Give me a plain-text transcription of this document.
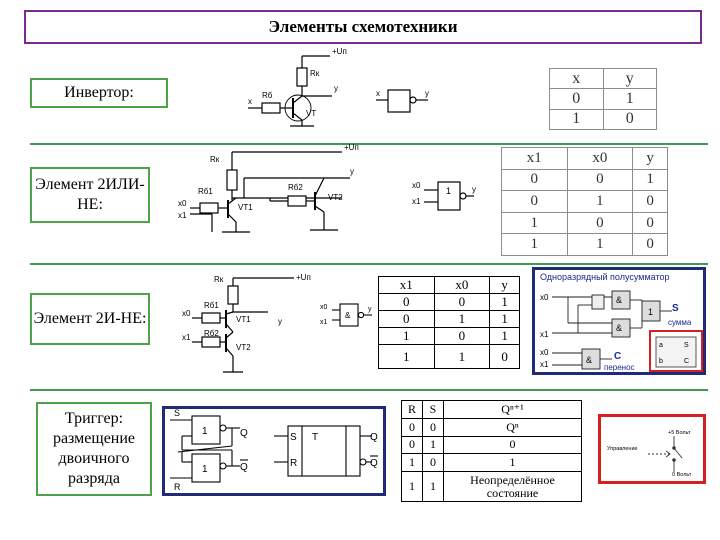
Элементы схемотехники
Инвертор:
Элемент 2ИЛИ-НЕ:
Элемент 2И-НЕ:
Триггер: размещение двоичного разряда
+Uп
Rк
Rб
x
y
VT
x	y
x	y
0	1
1	0
+Uп
Rк
Rб1	Rб2
x0
x1
y
VT1
VT2
x0
x1
1	y
x1	x0	y
0	0	1
0	1	0
1	0	0
1	1	0
+Uп
Rк
Rб1
Rб2
x0
x1
y
VT1
VT2
x0
x1
&
y
x1	x0	y
0	0	1
0	1	1
1	0	1
1	1	0
Одноразрядный полусумматор
x0
x1
&
&
1 S
сумма
x0
x1	& C
перенос
a
b
S
C
S
R
1
1
Q
Q
S
R
T	Q
Q
R	S	Qⁿ⁺¹
0	0	Qⁿ
0	1	0
1	0	1
1	1	Неопределённое состояние
+5 Вольт
Управление
0 Вольт
